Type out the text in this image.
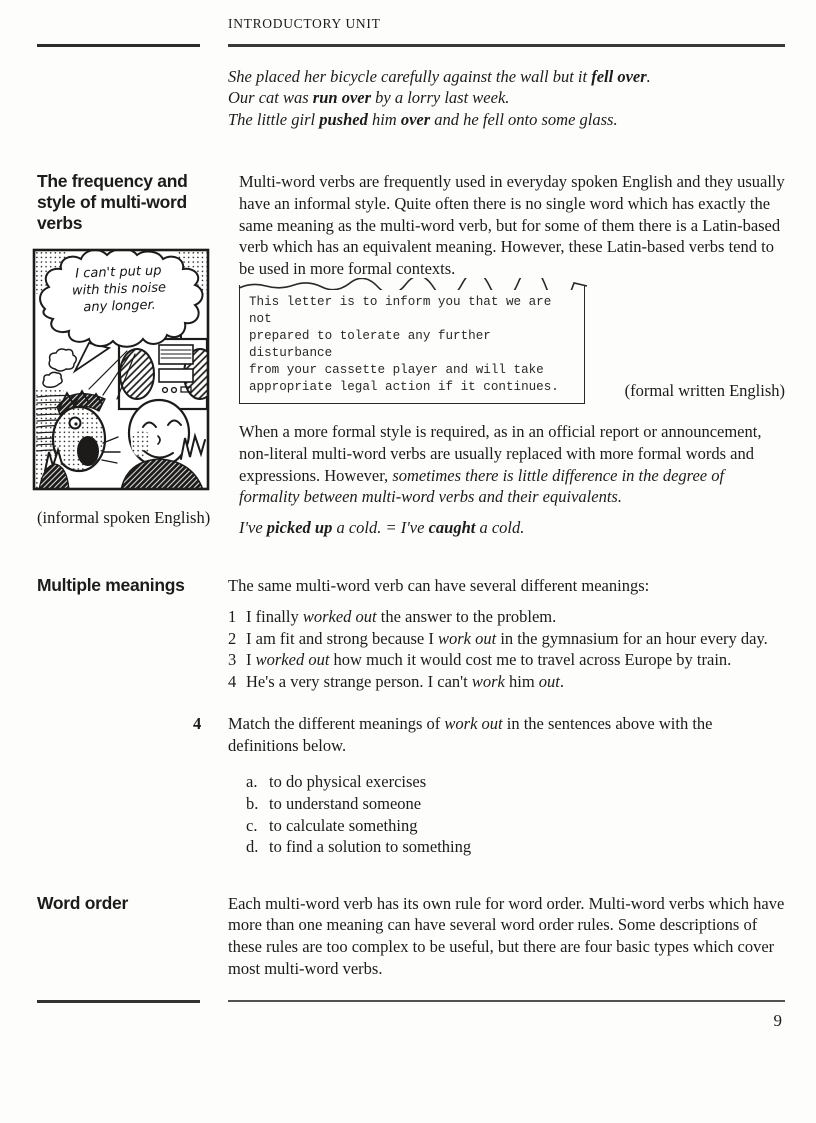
INTRODUCTORY UNIT
She placed her bicycle carefully against the wall but it fell over.
Our cat was run over by a lorry last week.
The little girl pushed him over and he fell onto some glass.
The frequency and style of multi-word verbs
I can't put up
with this noise
any longer.
(informal spoken English)

Multi-word verbs are frequently used in everyday spoken English and they usually have an informal style. Quite often there is no single word which has exactly the same meaning as the multi-word verb, but for some of them there is a Latin-based verb which has an equivalent meaning. However, these Latin-based verbs tend to be used in more formal contexts.

This letter is to inform you that we are not
prepared to tolerate any further disturbance
from your cassette player and will take
appropriate legal action if it continues.	(formal written English)

When a more formal style is required, as in an official report or announcement, non-literal multi-word verbs are usually replaced with more formal words and expressions. However, sometimes there is little difference in the degree of formality between multi-word verbs and their equivalents.

I've picked up a cold. = I've caught a cold.
Multiple meanings	The same multi-word verb can have several different meanings:

1 I finally worked out the answer to the problem.
2 I am fit and strong because I work out in the gymnasium for an hour every day.
3 I worked out how much it would cost me to travel across Europe by train.
4 He's a very strange person. I can't work him out.
4 Match the different meanings of work out in the sentences above with the definitions below.
a. to do physical exercises
b. to understand someone
c. to calculate something
d. to find a solution to something
Word order	Each multi-word verb has its own rule for word order. Multi-word verbs which have more than one meaning can have several word order rules. Some descriptions of these rules are too complex to be useful, but there are four basic types which cover most multi-word verbs.

9
